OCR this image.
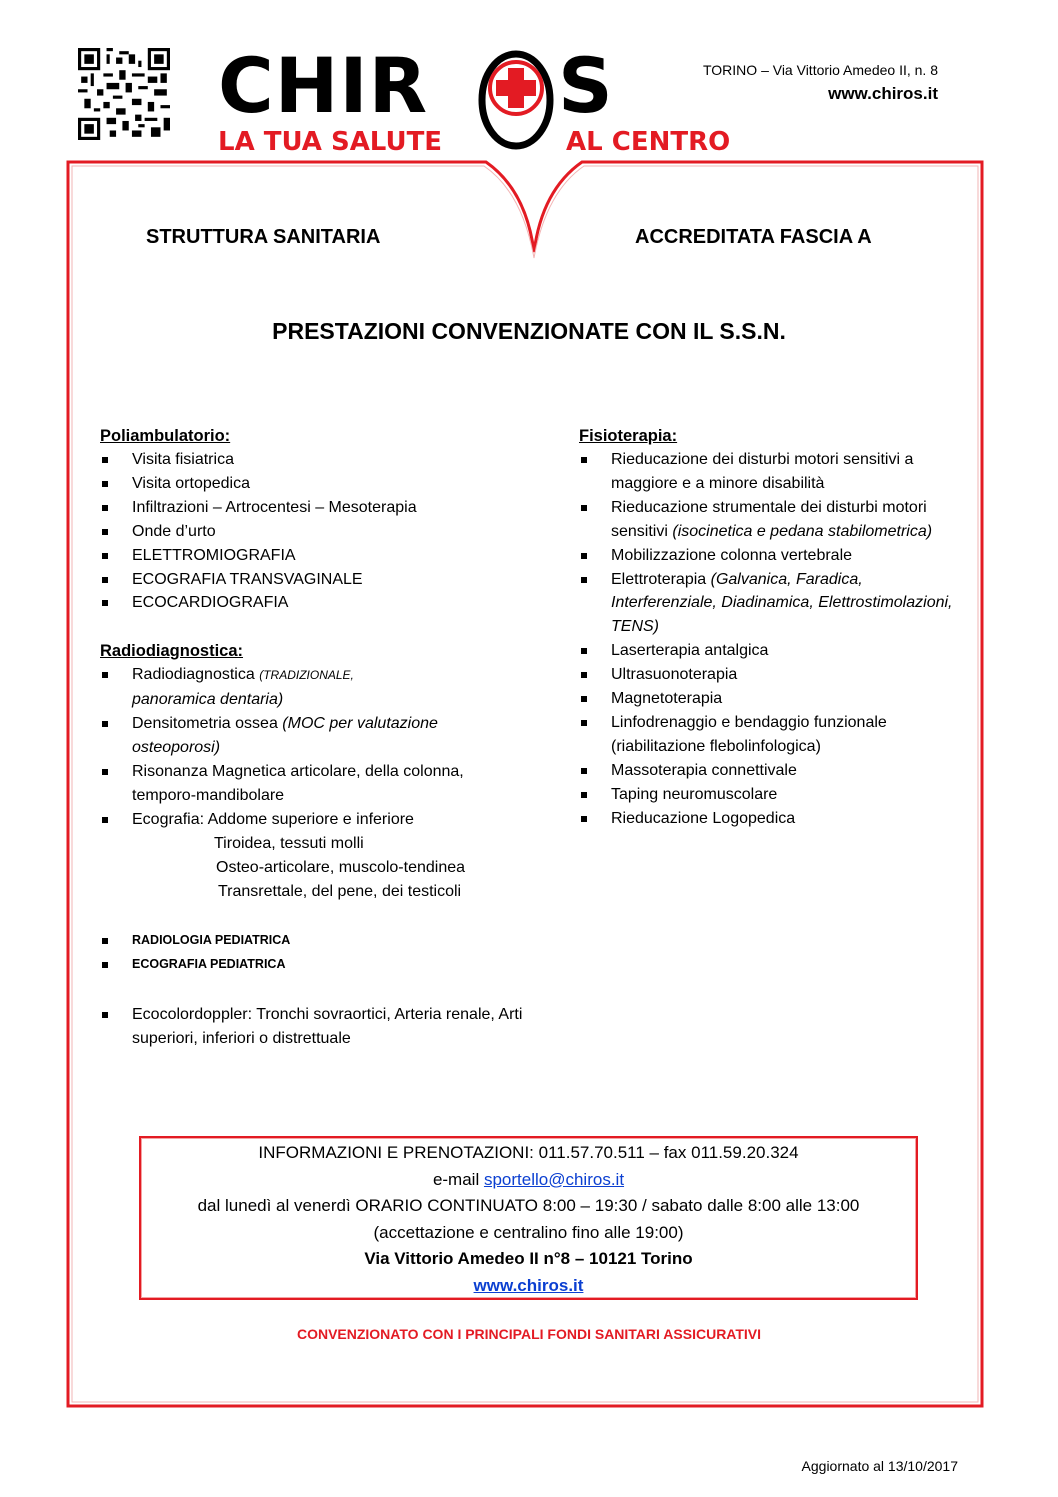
CHIR S
LA TUA SALUTE	AL CENTRO
TORINO – Via Vittorio Amedeo II, n. 8
www.chiros.it
STRUTTURA SANITARIA	ACCREDITATA FASCIA A
PRESTAZIONI CONVENZIONATE CON IL S.S.N.
Poliambulatorio:
Visita fisiatrica
Visita ortopedica
Infiltrazioni – Artrocentesi – Mesoterapia
Onde d’urto
ELETTROMIOGRAFIA
ECOGRAFIA TRANSVAGINALE
ECOCARDIOGRAFIA
Radiodiagnostica:
Radiodiagnostica (TRADIZIONALE,
panoramica dentaria)
Densitometria ossea (MOC per valutazione
osteoporosi)
Risonanza Magnetica articolare, della colonna, temporo-mandibolare
Ecografia: Addome superiore e inferiore
Tiroidea, tessuti molli
Osteo-articolare, muscolo-tendinea
Transrettale, del pene, dei testicoli
RADIOLOGIA PEDIATRICA
ECOGRAFIA PEDIATRICA
Ecocolordoppler: Tronchi sovraortici, Arteria renale, Arti superiori, inferiori o distrettuale
Fisioterapia:
Rieducazione dei disturbi motori sensitivi a maggiore e a minore disabilità
Rieducazione strumentale dei disturbi motori sensitivi (isocinetica e pedana stabilometrica)
Mobilizzazione colonna vertebrale
Elettroterapia (Galvanica, Faradica, Interferenziale, Diadinamica, Elettrostimolazioni, TENS)
Laserterapia antalgica
Ultrasuonoterapia
Magnetoterapia
Linfodrenaggio e bendaggio funzionale (riabilitazione flebolinfologica)
Massoterapia connettivale
Taping neuromuscolare
Rieducazione Logopedica
INFORMAZIONI E PRENOTAZIONI: 011.57.70.511 – fax 011.59.20.324
e-mail sportello@chiros.it
dal lunedì al venerdì ORARIO CONTINUATO 8:00 – 19:30 / sabato dalle 8:00 alle 13:00
(accettazione e centralino fino alle 19:00)
Via Vittorio Amedeo II n°8 – 10121 Torino
www.chiros.it
CONVENZIONATO CON I PRINCIPALI FONDI SANITARI ASSICURATIVI
Aggiornato al 13/10/2017
